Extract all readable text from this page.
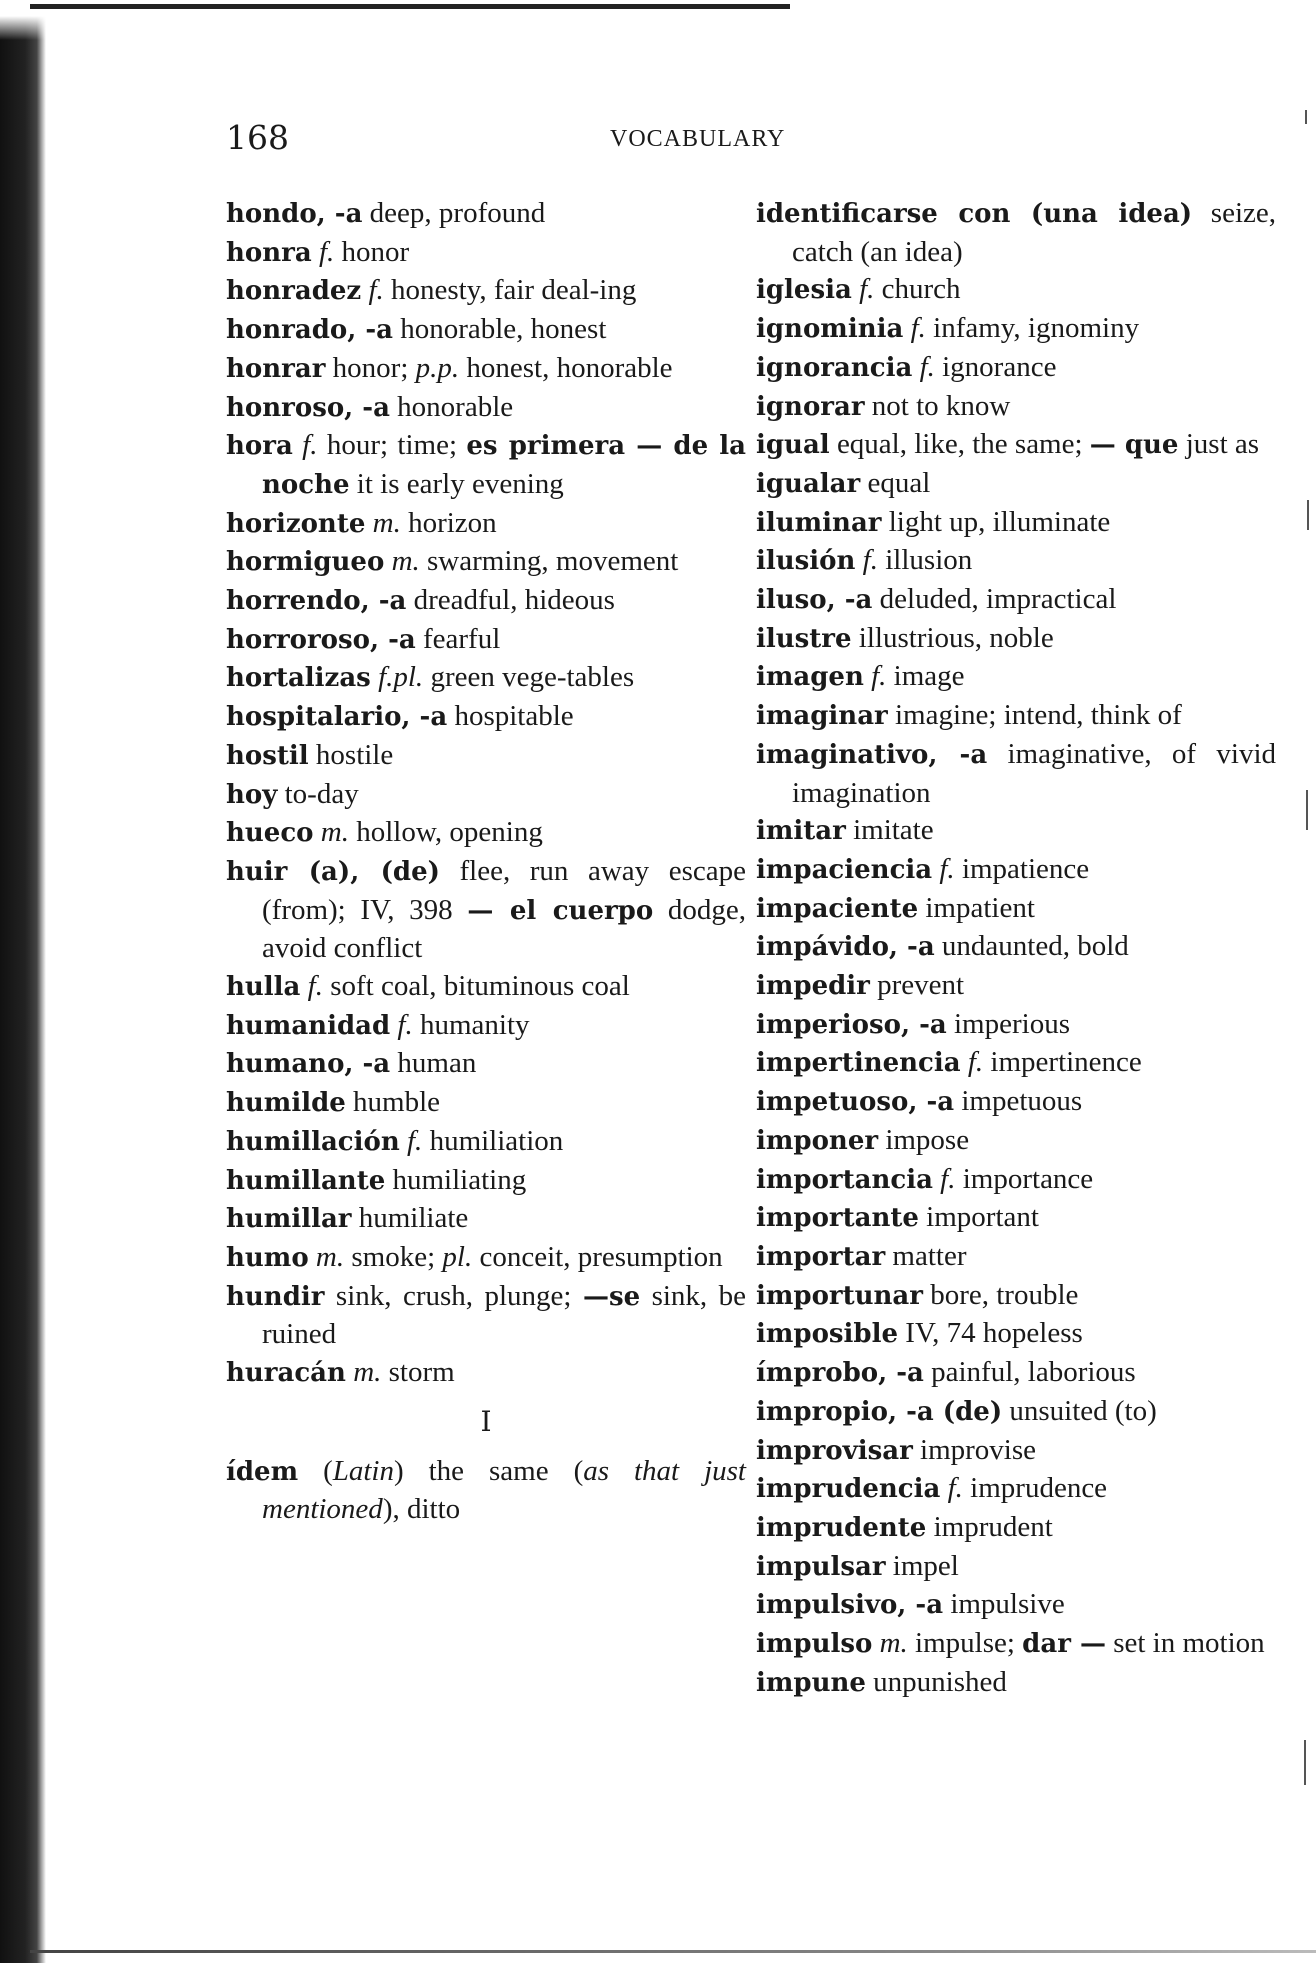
168	VOCABULARY
hondo, -a deep, profound
honra f. honor
honradez f. honesty, fair deal-ing
honrado, -a honorable, honest
honrar honor; p.p. honest, honorable
honroso, -a honorable
hora f. hour; time; es primera — de la noche it is early evening
horizonte m. horizon
hormigueo m. swarming, movement
horrendo, -a dreadful, hideous
horroroso, -a fearful
hortalizas f.pl. green vege-tables
hospitalario, -a hospitable
hostil hostile
hoy to-day
hueco m. hollow, opening
huir (a), (de) flee, run away escape (from); IV, 398 — el cuerpo dodge, avoid conflict
hulla f. soft coal, bituminous coal
humanidad f. humanity
humano, -a human
humilde humble
humillación f. humiliation
humillante humiliating
humillar humiliate
humo m. smoke; pl. conceit, presumption
hundir sink, crush, plunge; —se sink, be ruined
huracán m. storm
I
ídem (Latin) the same (as that just mentioned), ditto
identificarse con (una idea) seize, catch (an idea)
iglesia f. church
ignominia f. infamy, ignominy
ignorancia f. ignorance
ignorar not to know
igual equal, like, the same; — que just as
igualar equal
iluminar light up, illuminate
ilusión f. illusion
iluso, -a deluded, impractical
ilustre illustrious, noble
imagen f. image
imaginar imagine; intend, think of
imaginativo, -a imaginative, of vivid imagination
imitar imitate
impaciencia f. impatience
impaciente impatient
impávido, -a undaunted, bold
impedir prevent
imperioso, -a imperious
impertinencia f. impertinence
impetuoso, -a impetuous
imponer impose
importancia f. importance
importante important
importar matter
importunar bore, trouble
imposible IV, 74 hopeless
ímprobo, -a painful, laborious
impropio, -a (de) unsuited (to)
improvisar improvise
imprudencia f. imprudence
imprudente imprudent
impulsar impel
impulsivo, -a impulsive
impulso m. impulse; dar — set in motion
impune unpunished
